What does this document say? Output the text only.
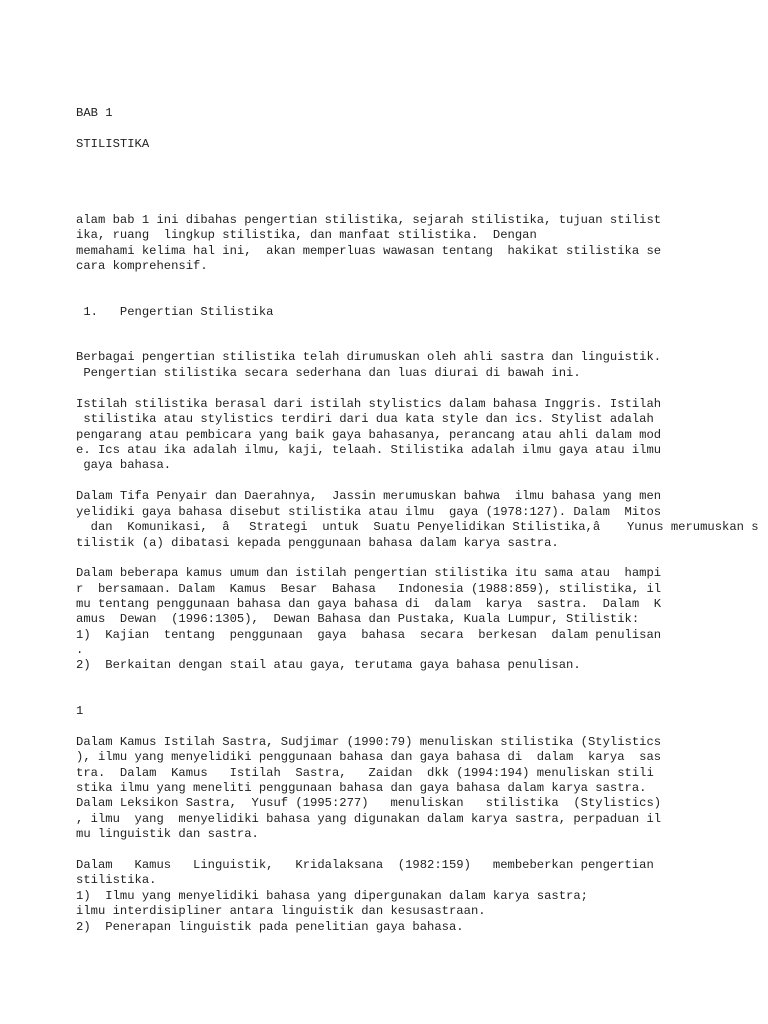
BAB 1
STILISTIKA
alam bab 1 ini dibahas pengertian stilistika, sejarah stilistika, tujuan stilist
ika, ruang  lingkup stilistika, dan manfaat stilistika.  Dengan
memahami kelima hal ini,  akan memperluas wawasan tentang  hakikat stilistika se
cara komprehensif.
1.   Pengertian Stilistika
Berbagai pengertian stilistika telah dirumuskan oleh ahli sastra dan linguistik.
Pengertian stilistika secara sederhana dan luas diurai di bawah ini.
Istilah stilistika berasal dari istilah stylistics dalam bahasa Inggris. Istilah
stilistika atau stylistics terdiri dari dua kata style dan ics. Stylist adalah
pengarang atau pembicara yang baik gaya bahasanya, perancang atau ahli dalam mod
e. Ics atau ika adalah ilmu, kaji, telaah. Stilistika adalah ilmu gaya atau ilmu
gaya bahasa.
Dalam Tifa Penyair dan Daerahnya,  Jassin merumuskan bahwa  ilmu bahasa yang men
yelidiki gaya bahasa disebut stilistika atau ilmu  gaya (1978:127). Dalam  Mitos
dan  Komunikasi,  âStrategi  untuk  Suatu Penyelidikan Stilistika,â Yunus merumuskan s
tilistik (a) dibatasi kepada penggunaan bahasa dalam karya sastra.
Dalam beberapa kamus umum dan istilah pengertian stilistika itu sama atau  hampi
r  bersamaan. Dalam  Kamus  Besar  Bahasa   Indonesia (1988:859), stilistika, il
mu tentang penggunaan bahasa dan gaya bahasa di  dalam  karya  sastra.  Dalam  K
amus  Dewan  (1996:1305),  Dewan Bahasa dan Pustaka, Kuala Lumpur, Stilistik:
1)  Kajian  tentang  penggunaan  gaya  bahasa  secara  berkesan  dalam penulisan
.
2)  Berkaitan dengan stail atau gaya, terutama gaya bahasa penulisan.
1
Dalam Kamus Istilah Sastra, Sudjimar (1990:79) menuliskan stilistika (Stylistics
), ilmu yang menyelidiki penggunaan bahasa dan gaya bahasa di  dalam  karya  sas
tra.  Dalam  Kamus   Istilah  Sastra,   Zaidan  dkk (1994:194) menuliskan stili
stika ilmu yang meneliti penggunaan bahasa dan gaya bahasa dalam karya sastra.
Dalam Leksikon Sastra,  Yusuf (1995:277)   menuliskan   stilistika  (Stylistics)
, ilmu  yang  menyelidiki bahasa yang digunakan dalam karya sastra, perpaduan il
mu linguistik dan sastra.
Dalam   Kamus   Linguistik,   Kridalaksana  (1982:159)   membeberkan pengertian
stilistika.
1)  Ilmu yang menyelidiki bahasa yang dipergunakan dalam karya sastra;
ilmu interdisipliner antara linguistik dan kesusastraan.
2)  Penerapan linguistik pada penelitian gaya bahasa.
